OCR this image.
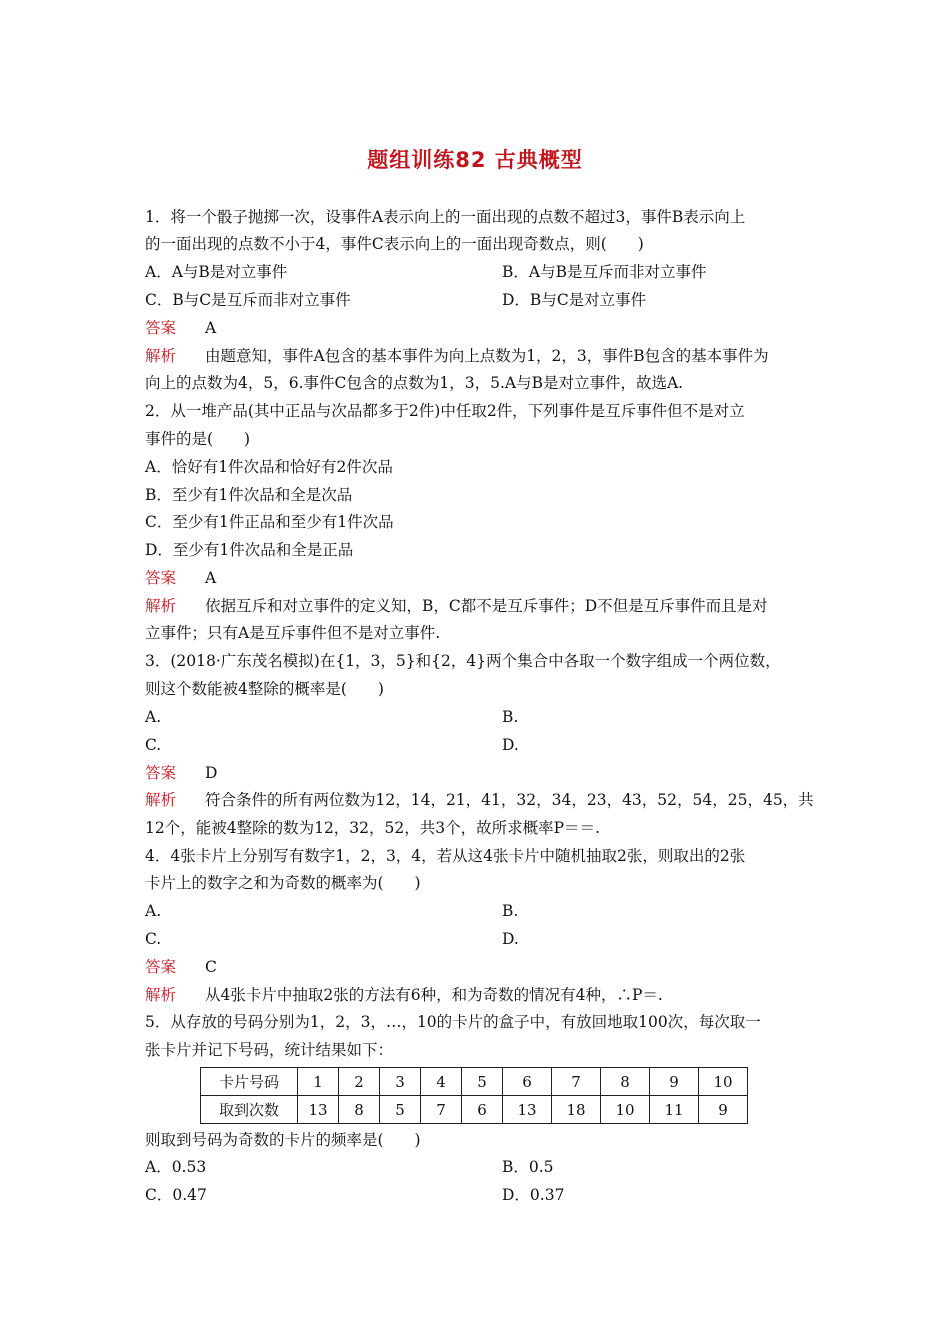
题组训练82 古典概型
1．将一个骰子抛掷一次，设事件A表示向上的一面出现的点数不超过3，事件B表示向上
的一面出现的点数不小于4，事件C表示向上的一面出现奇数点，则(　　)
A．A与B是对立事件	B．A与B是互斥而非对立事件
C．B与C是互斥而非对立事件	D．B与C是对立事件
答案 A
解析 由题意知，事件A包含的基本事件为向上点数为1，2，3，事件B包含的基本事件为
向上的点数为4，5，6.事件C包含的点数为1，3，5.A与B是对立事件，故选A.
2．从一堆产品(其中正品与次品都多于2件)中任取2件，下列事件是互斥事件但不是对立
事件的是(　　)
A．恰好有1件次品和恰好有2件次品
B．至少有1件次品和全是次品
C．至少有1件正品和至少有1件次品
D．至少有1件次品和全是正品
答案 A
解析 依据互斥和对立事件的定义知，B，C都不是互斥事件；D不但是互斥事件而且是对
立事件；只有A是互斥事件但不是对立事件.
3．(2018·广东茂名模拟)在{1，3，5}和{2，4}两个集合中各取一个数字组成一个两位数，
则这个数能被4整除的概率是(　　)
A.	B.
C.	D.
答案 D
解析 符合条件的所有两位数为12，14，21，41，32，34，23，43，52，54，25，45，共
12个，能被4整除的数为12，32，52，共3个，故所求概率P＝＝.
4．4张卡片上分别写有数字1，2，3，4，若从这4张卡片中随机抽取2张，则取出的2张
卡片上的数字之和为奇数的概率为(　　)
A.	B.
C.	D.
答案 C
解析 从4张卡片中抽取2张的方法有6种，和为奇数的情况有4种，∴P＝.
5．从存放的号码分别为1，2，3，…，10的卡片的盒子中，有放回地取100次，每次取一
张卡片并记下号码，统计结果如下：
卡片号码	1	2	3	4	5	6	7	8	9	10
取到次数	13	8	5	7	6	13	18	10	11	9
则取到号码为奇数的卡片的频率是(　　)
A．0.53	B．0.5
C．0.47	D．0.37
